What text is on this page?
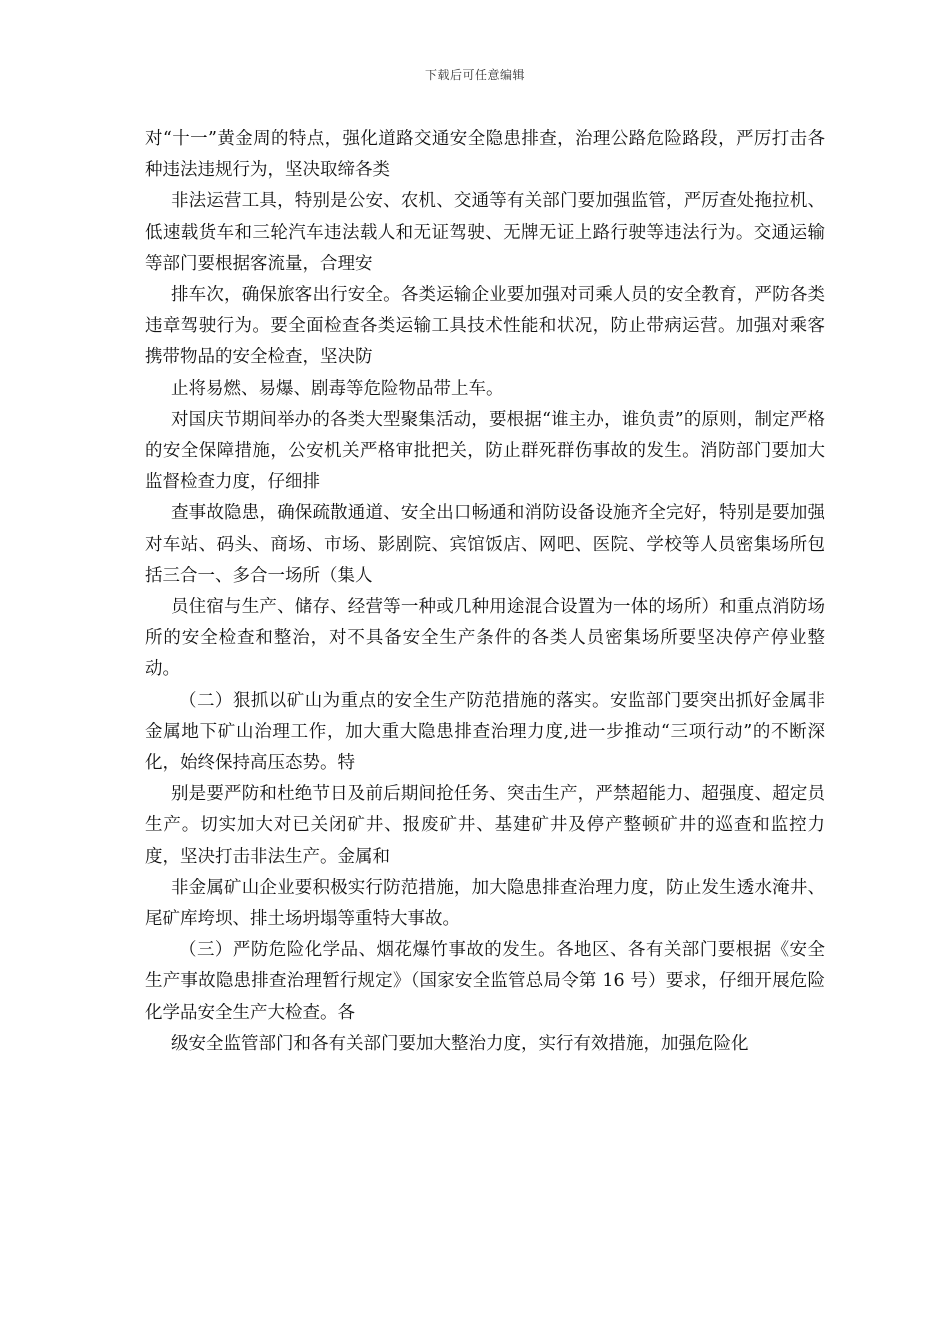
下载后可任意编辑

对“十一”黄金周的特点，强化道路交通安全隐患排查，治理公路危险路段，严厉打击各种违法违规行为，坚决取缔各类

非法运营工具，特别是公安、农机、交通等有关部门要加强监管，严厉查处拖拉机、低速载货车和三轮汽车违法载人和无证驾驶、无牌无证上路行驶等违法行为。交通运输等部门要根据客流量，合理安

排车次，确保旅客出行安全。各类运输企业要加强对司乘人员的安全教育，严防各类违章驾驶行为。要全面检查各类运输工具技术性能和状况，防止带病运营。加强对乘客携带物品的安全检查，坚决防

止将易燃、易爆、剧毒等危险物品带上车。

对国庆节期间举办的各类大型聚集活动，要根据“谁主办，谁负责”的原则，制定严格的安全保障措施，公安机关严格审批把关，防止群死群伤事故的发生。消防部门要加大监督检查力度，仔细排

查事故隐患，确保疏散通道、安全出口畅通和消防设备设施齐全完好，特别是要加强对车站、码头、商场、市场、影剧院、宾馆饭店、网吧、医院、学校等人员密集场所包括三合一、多合一场所（集人

员住宿与生产、储存、经营等一种或几种用途混合设置为一体的场所）和重点消防场所的安全检查和整治，对不具备安全生产条件的各类人员密集场所要坚决停产停业整动。

（二）狠抓以矿山为重点的安全生产防范措施的落实。安监部门要突出抓好金属非金属地下矿山治理工作，加大重大隐患排查治理力度,进一步推动“三项行动”的不断深化，始终保持高压态势。特

别是要严防和杜绝节日及前后期间抢任务、突击生产，严禁超能力、超强度、超定员生产。切实加大对已关闭矿井、报废矿井、基建矿井及停产整顿矿井的巡查和监控力度，坚决打击非法生产。金属和

非金属矿山企业要积极实行防范措施，加大隐患排查治理力度，防止发生透水淹井、尾矿库垮坝、排土场坍塌等重特大事故。

（三）严防危险化学品、烟花爆竹事故的发生。各地区、各有关部门要根据《安全生产事故隐患排查治理暂行规定》（国家安全监管总局令第 16 号）要求，仔细开展危险化学品安全生产大检查。各

级安全监管部门和各有关部门要加大整治力度，实行有效措施，加强危险化
